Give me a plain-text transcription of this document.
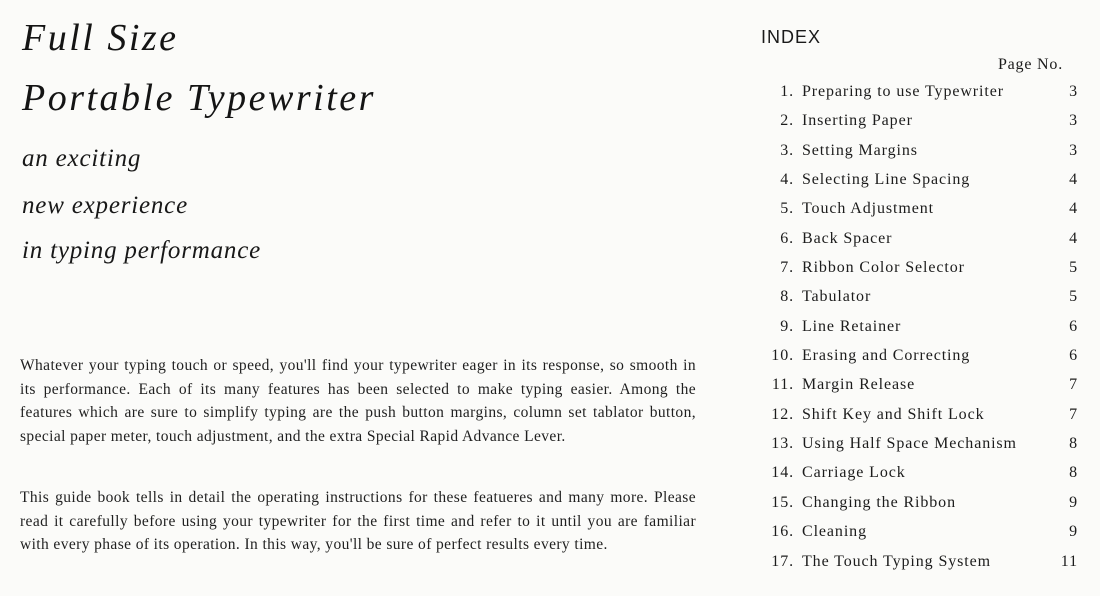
Full Size
Portable Typewriter
an exciting
new experience
in typing performance

Whatever your typing touch or speed, you'll find your typewriter eager in its response, so smooth in its performance. Each of its many features has been selected to make typing easier. Among the features which are sure to simplify typing are the push button margins, column set tablator button, special paper meter, touch adjustment, and the extra Special Rapid Advance Lever.

This guide book tells in detail the operating instructions for these featueres and many more. Please read it carefully before using your typewriter for the first time and refer to it until you are familiar with every phase of its operation. In this way, you'll be sure of perfect results every time.

INDEX
Page No.
1. Preparing to use Typewriter	3
2. Inserting Paper	3
3. Setting Margins	3
4. Selecting Line Spacing	4
5. Touch Adjustment	4
6. Back Spacer	4
7. Ribbon Color Selector	5
8. Tabulator	5
9. Line Retainer	6
10. Erasing and Correcting	6
11. Margin Release	7
12. Shift Key and Shift Lock	7
13. Using Half Space Mechanism	8
14. Carriage Lock	8
15. Changing the Ribbon	9
16. Cleaning	9
17. The Touch Typing System	11
